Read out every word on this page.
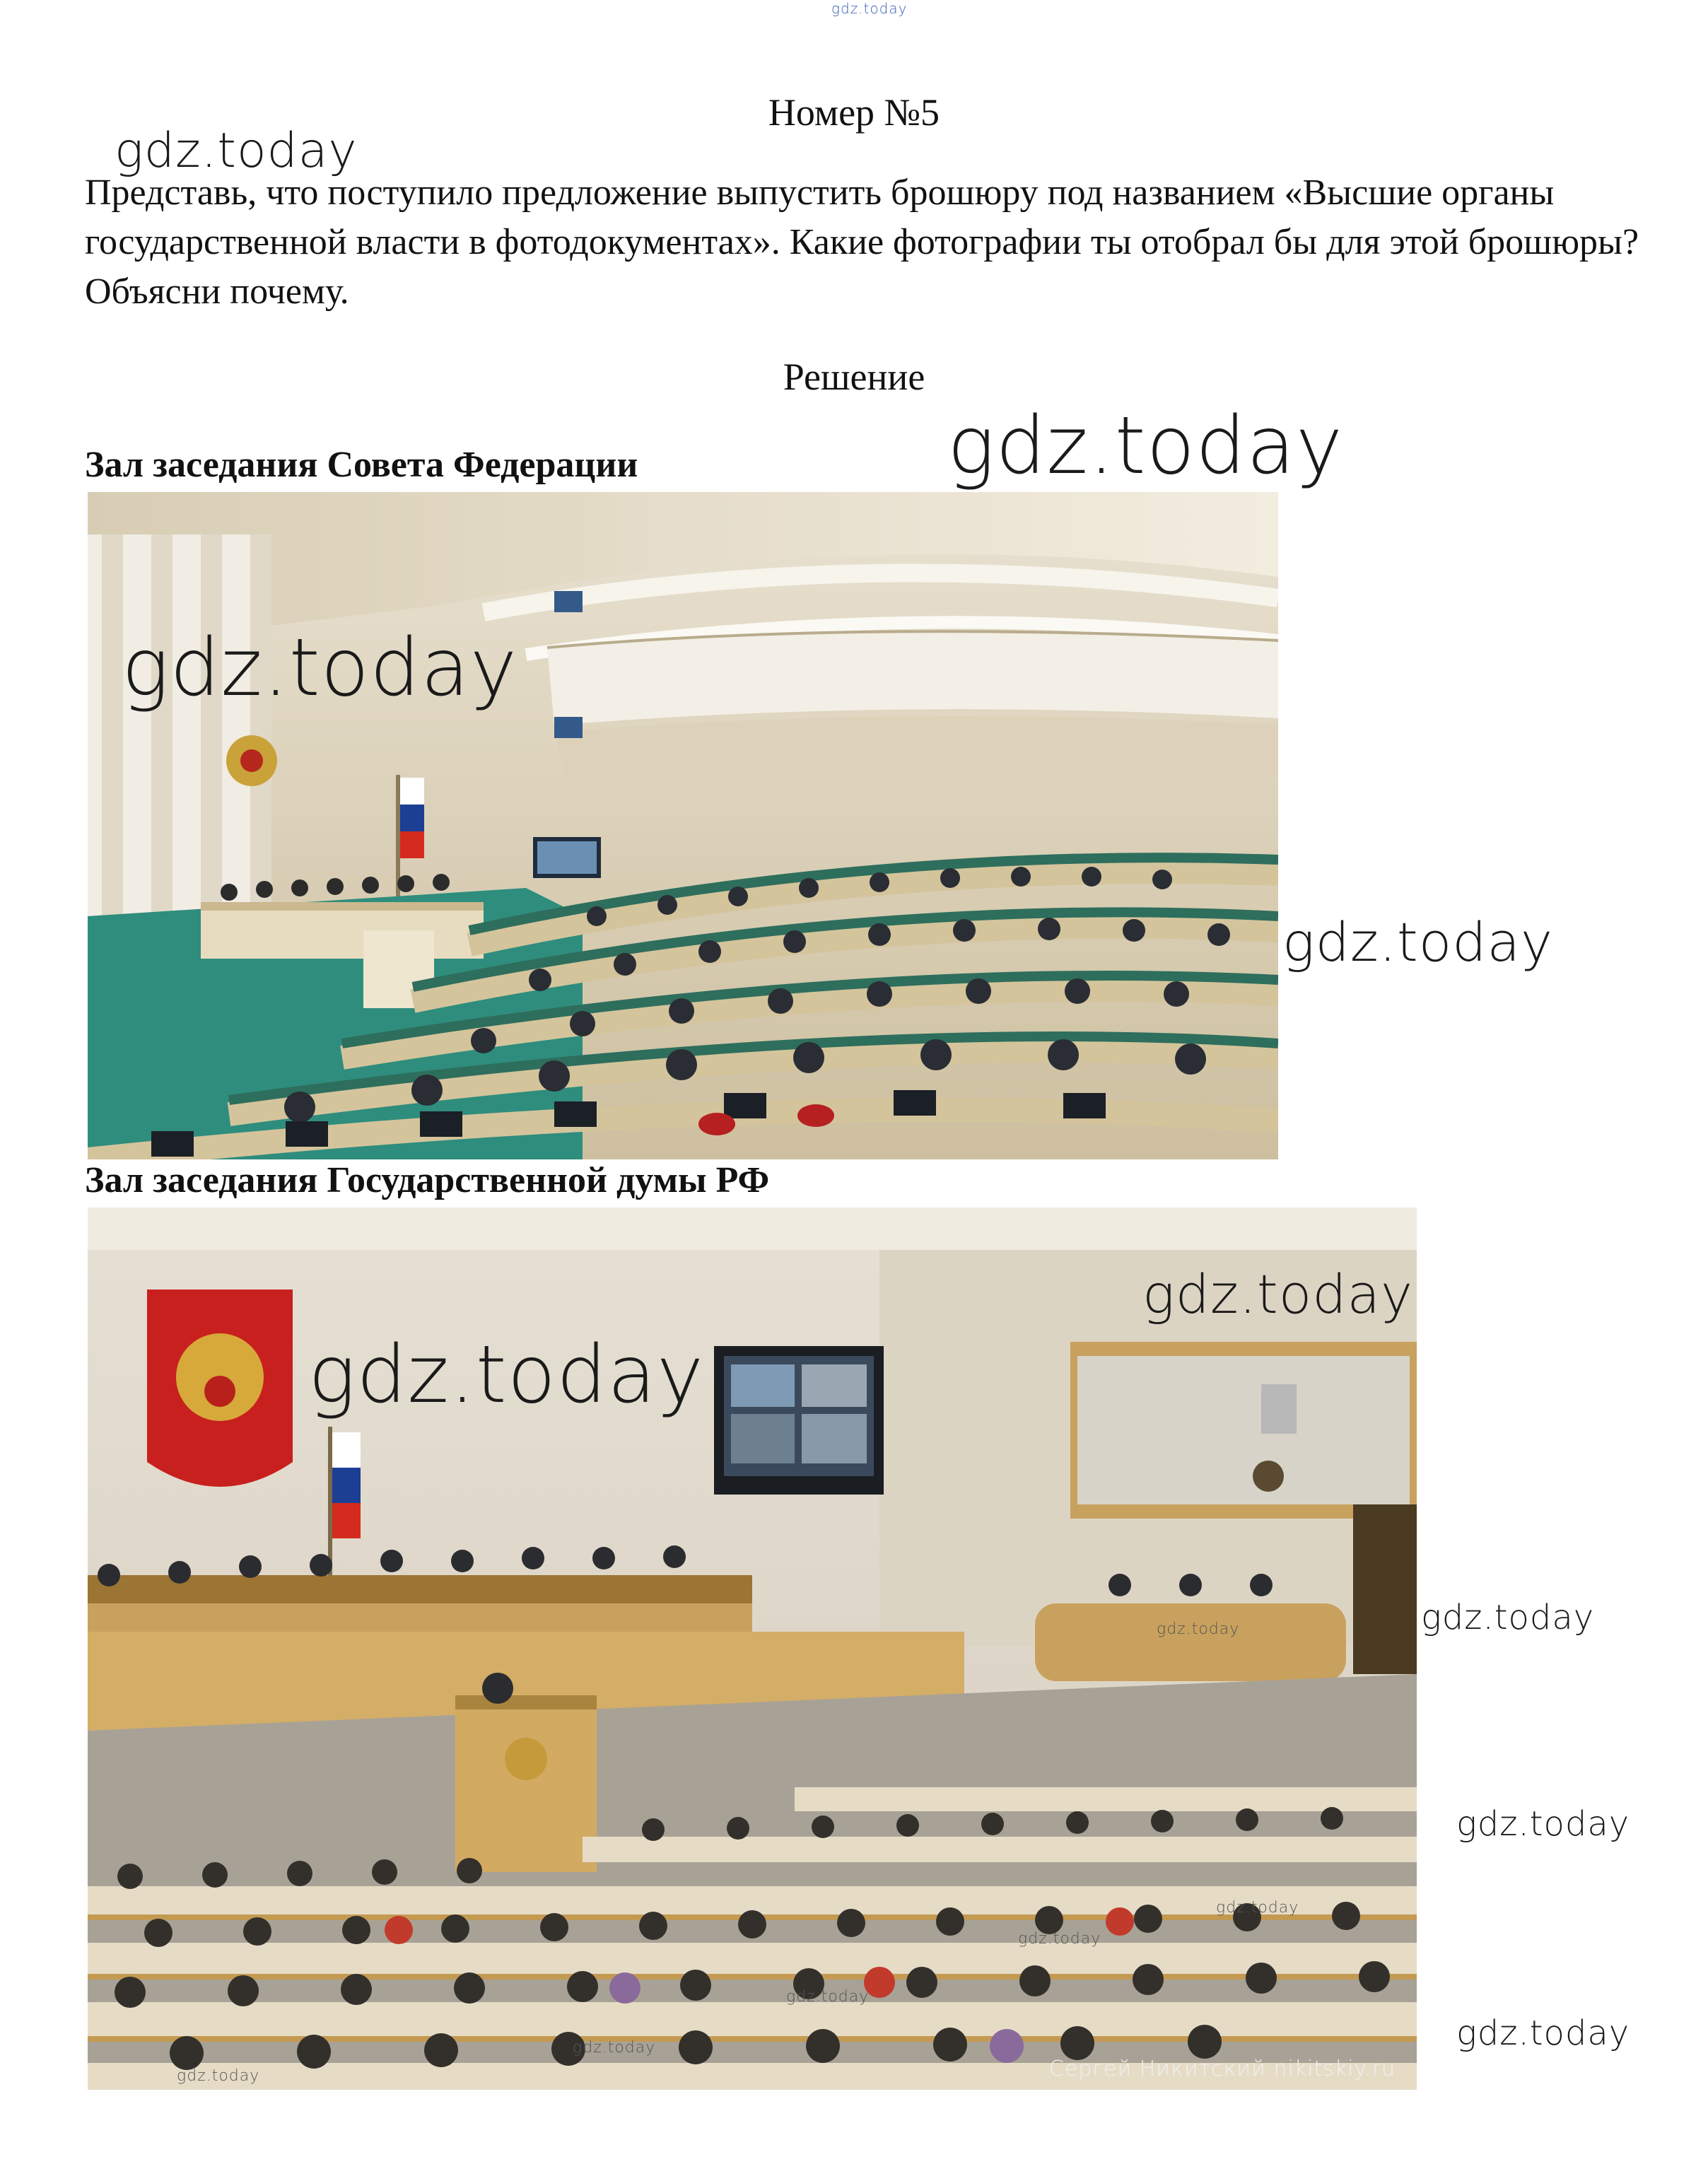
gdz.today
Номер №5
gdz.today
Представь, что поступило предложение выпустить брошюру под названием «Высшие органы государственной власти в фотодокументах». Какие фотографии ты отобрал бы для этой брошюры? Объясни почему.
Решение
gdz.today
Зал заседания Совета Федерации
gdz.today
gdz.today
Зал заседания Государственной думы РФ
Сергей Никитский nikitskiy.ru
gdz.today
gdz.today
gdz.today
gdz.today
gdz.today
gdz.today
gdz.today
gdz.today
gdz.today
gdz.today
gdz.today
